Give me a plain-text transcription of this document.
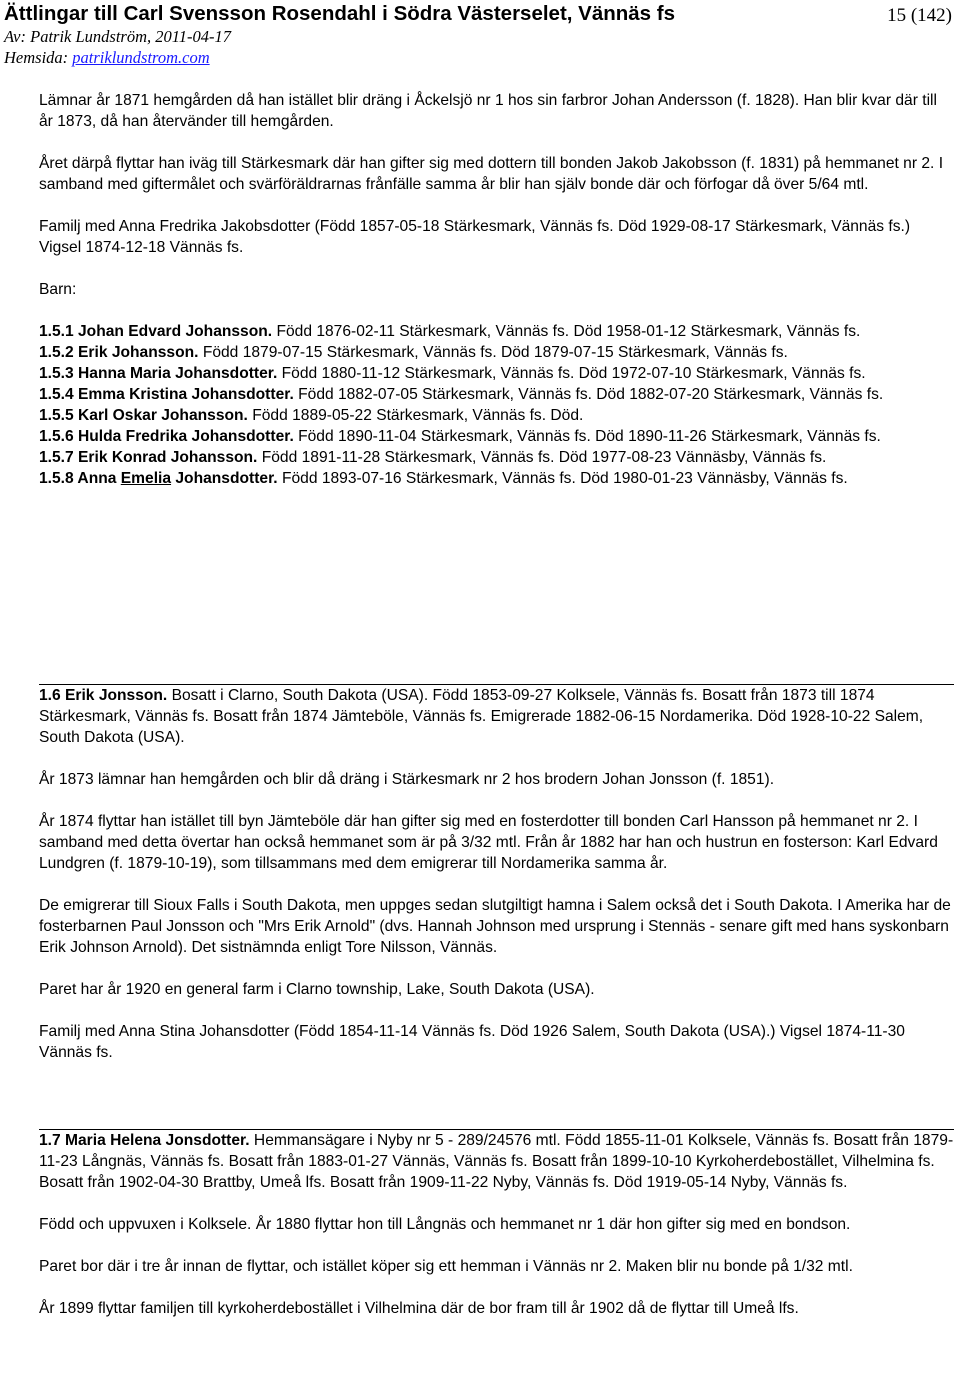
Ättlingar till Carl Svensson Rosendahl i Södra Västerselet, Vännäs fs	15 (142)
Av: Patrik Lundström, 2011-04-17
Hemsida: patriklundstrom.com

Lämnar år 1871 hemgården då han istället blir dräng i Åckelsjö nr 1 hos sin farbror Johan Andersson (f. 1828). Han blir kvar där till år 1873, då han återvänder till hemgården.

Året därpå flyttar han iväg till Stärkesmark där han gifter sig med dottern till bonden Jakob Jakobsson (f. 1831) på hemmanet nr 2. I samband med giftermålet och svärföräldrarnas frånfälle samma år blir han själv bonde där och förfogar då över 5/64 mtl.

Familj med Anna Fredrika Jakobsdotter (Född 1857-05-18 Stärkesmark, Vännäs fs. Död 1929-08-17 Stärkesmark, Vännäs fs.) Vigsel 1874-12-18 Vännäs fs.

Barn:

1.5.1 Johan Edvard Johansson. Född 1876-02-11 Stärkesmark, Vännäs fs. Död 1958-01-12 Stärkesmark, Vännäs fs.

1.5.2 Erik Johansson. Född 1879-07-15 Stärkesmark, Vännäs fs. Död 1879-07-15 Stärkesmark, Vännäs fs.

1.5.3 Hanna Maria Johansdotter. Född 1880-11-12 Stärkesmark, Vännäs fs. Död 1972-07-10 Stärkesmark, Vännäs fs.

1.5.4 Emma Kristina Johansdotter. Född 1882-07-05 Stärkesmark, Vännäs fs. Död 1882-07-20 Stärkesmark, Vännäs fs.

1.5.5 Karl Oskar Johansson. Född 1889-05-22 Stärkesmark, Vännäs fs. Död.

1.5.6 Hulda Fredrika Johansdotter. Född 1890-11-04 Stärkesmark, Vännäs fs. Död 1890-11-26 Stärkesmark, Vännäs fs.

1.5.7 Erik Konrad Johansson. Född 1891-11-28 Stärkesmark, Vännäs fs. Död 1977-08-23 Vännäsby, Vännäs fs.

1.5.8 Anna Emelia Johansdotter. Född 1893-07-16 Stärkesmark, Vännäs fs. Död 1980-01-23 Vännäsby, Vännäs fs.

1.6 Erik Jonsson. Bosatt i Clarno, South Dakota (USA). Född 1853-09-27 Kolksele, Vännäs fs. Bosatt från 1873 till 1874 Stärkesmark, Vännäs fs. Bosatt från 1874 Jämteböle, Vännäs fs. Emigrerade 1882-06-15 Nordamerika. Död 1928-10-22 Salem, South Dakota (USA).

År 1873 lämnar han hemgården och blir då dräng i Stärkesmark nr 2 hos brodern Johan Jonsson (f. 1851).

År 1874 flyttar han istället till byn Jämteböle där han gifter sig med en fosterdotter till bonden Carl Hansson på hemmanet nr 2. I samband med detta övertar han också hemmanet som är på 3/32 mtl. Från år 1882 har han och hustrun en fosterson: Karl Edvard Lundgren (f. 1879-10-19), som tillsammans med dem emigrerar till Nordamerika samma år.

De emigrerar till Sioux Falls i South Dakota, men uppges sedan slutgiltigt hamna i Salem också det i South Dakota. I Amerika har de fosterbarnen Paul Jonsson och "Mrs Erik Arnold" (dvs. Hannah Johnson med ursprung i Stennäs - senare gift med hans syskonbarn Erik Johnson Arnold). Det sistnämnda enligt Tore Nilsson, Vännäs.

Paret har år 1920 en general farm i Clarno township, Lake, South Dakota (USA).

Familj med Anna Stina Johansdotter (Född 1854-11-14 Vännäs fs. Död 1926 Salem, South Dakota (USA).) Vigsel 1874-11-30 Vännäs fs.

1.7 Maria Helena Jonsdotter. Hemmansägare i Nyby nr 5 - 289/24576 mtl. Född 1855-11-01 Kolksele, Vännäs fs. Bosatt från 1879-11-23 Långnäs, Vännäs fs. Bosatt från 1883-01-27 Vännäs, Vännäs fs. Bosatt från 1899-10-10 Kyrkoherdebostället, Vilhelmina fs. Bosatt från 1902-04-30 Brattby, Umeå lfs. Bosatt från 1909-11-22 Nyby, Vännäs fs. Död 1919-05-14 Nyby, Vännäs fs.

Född och uppvuxen i Kolksele. År 1880 flyttar hon till Långnäs och hemmanet nr 1 där hon gifter sig med en bondson.

Paret bor där i tre år innan de flyttar, och istället köper sig ett hemman i Vännäs nr 2. Maken blir nu bonde på 1/32 mtl.

År 1899 flyttar familjen till kyrkoherdebostället i Vilhelmina där de bor fram till år 1902 då de flyttar till Umeå lfs.
